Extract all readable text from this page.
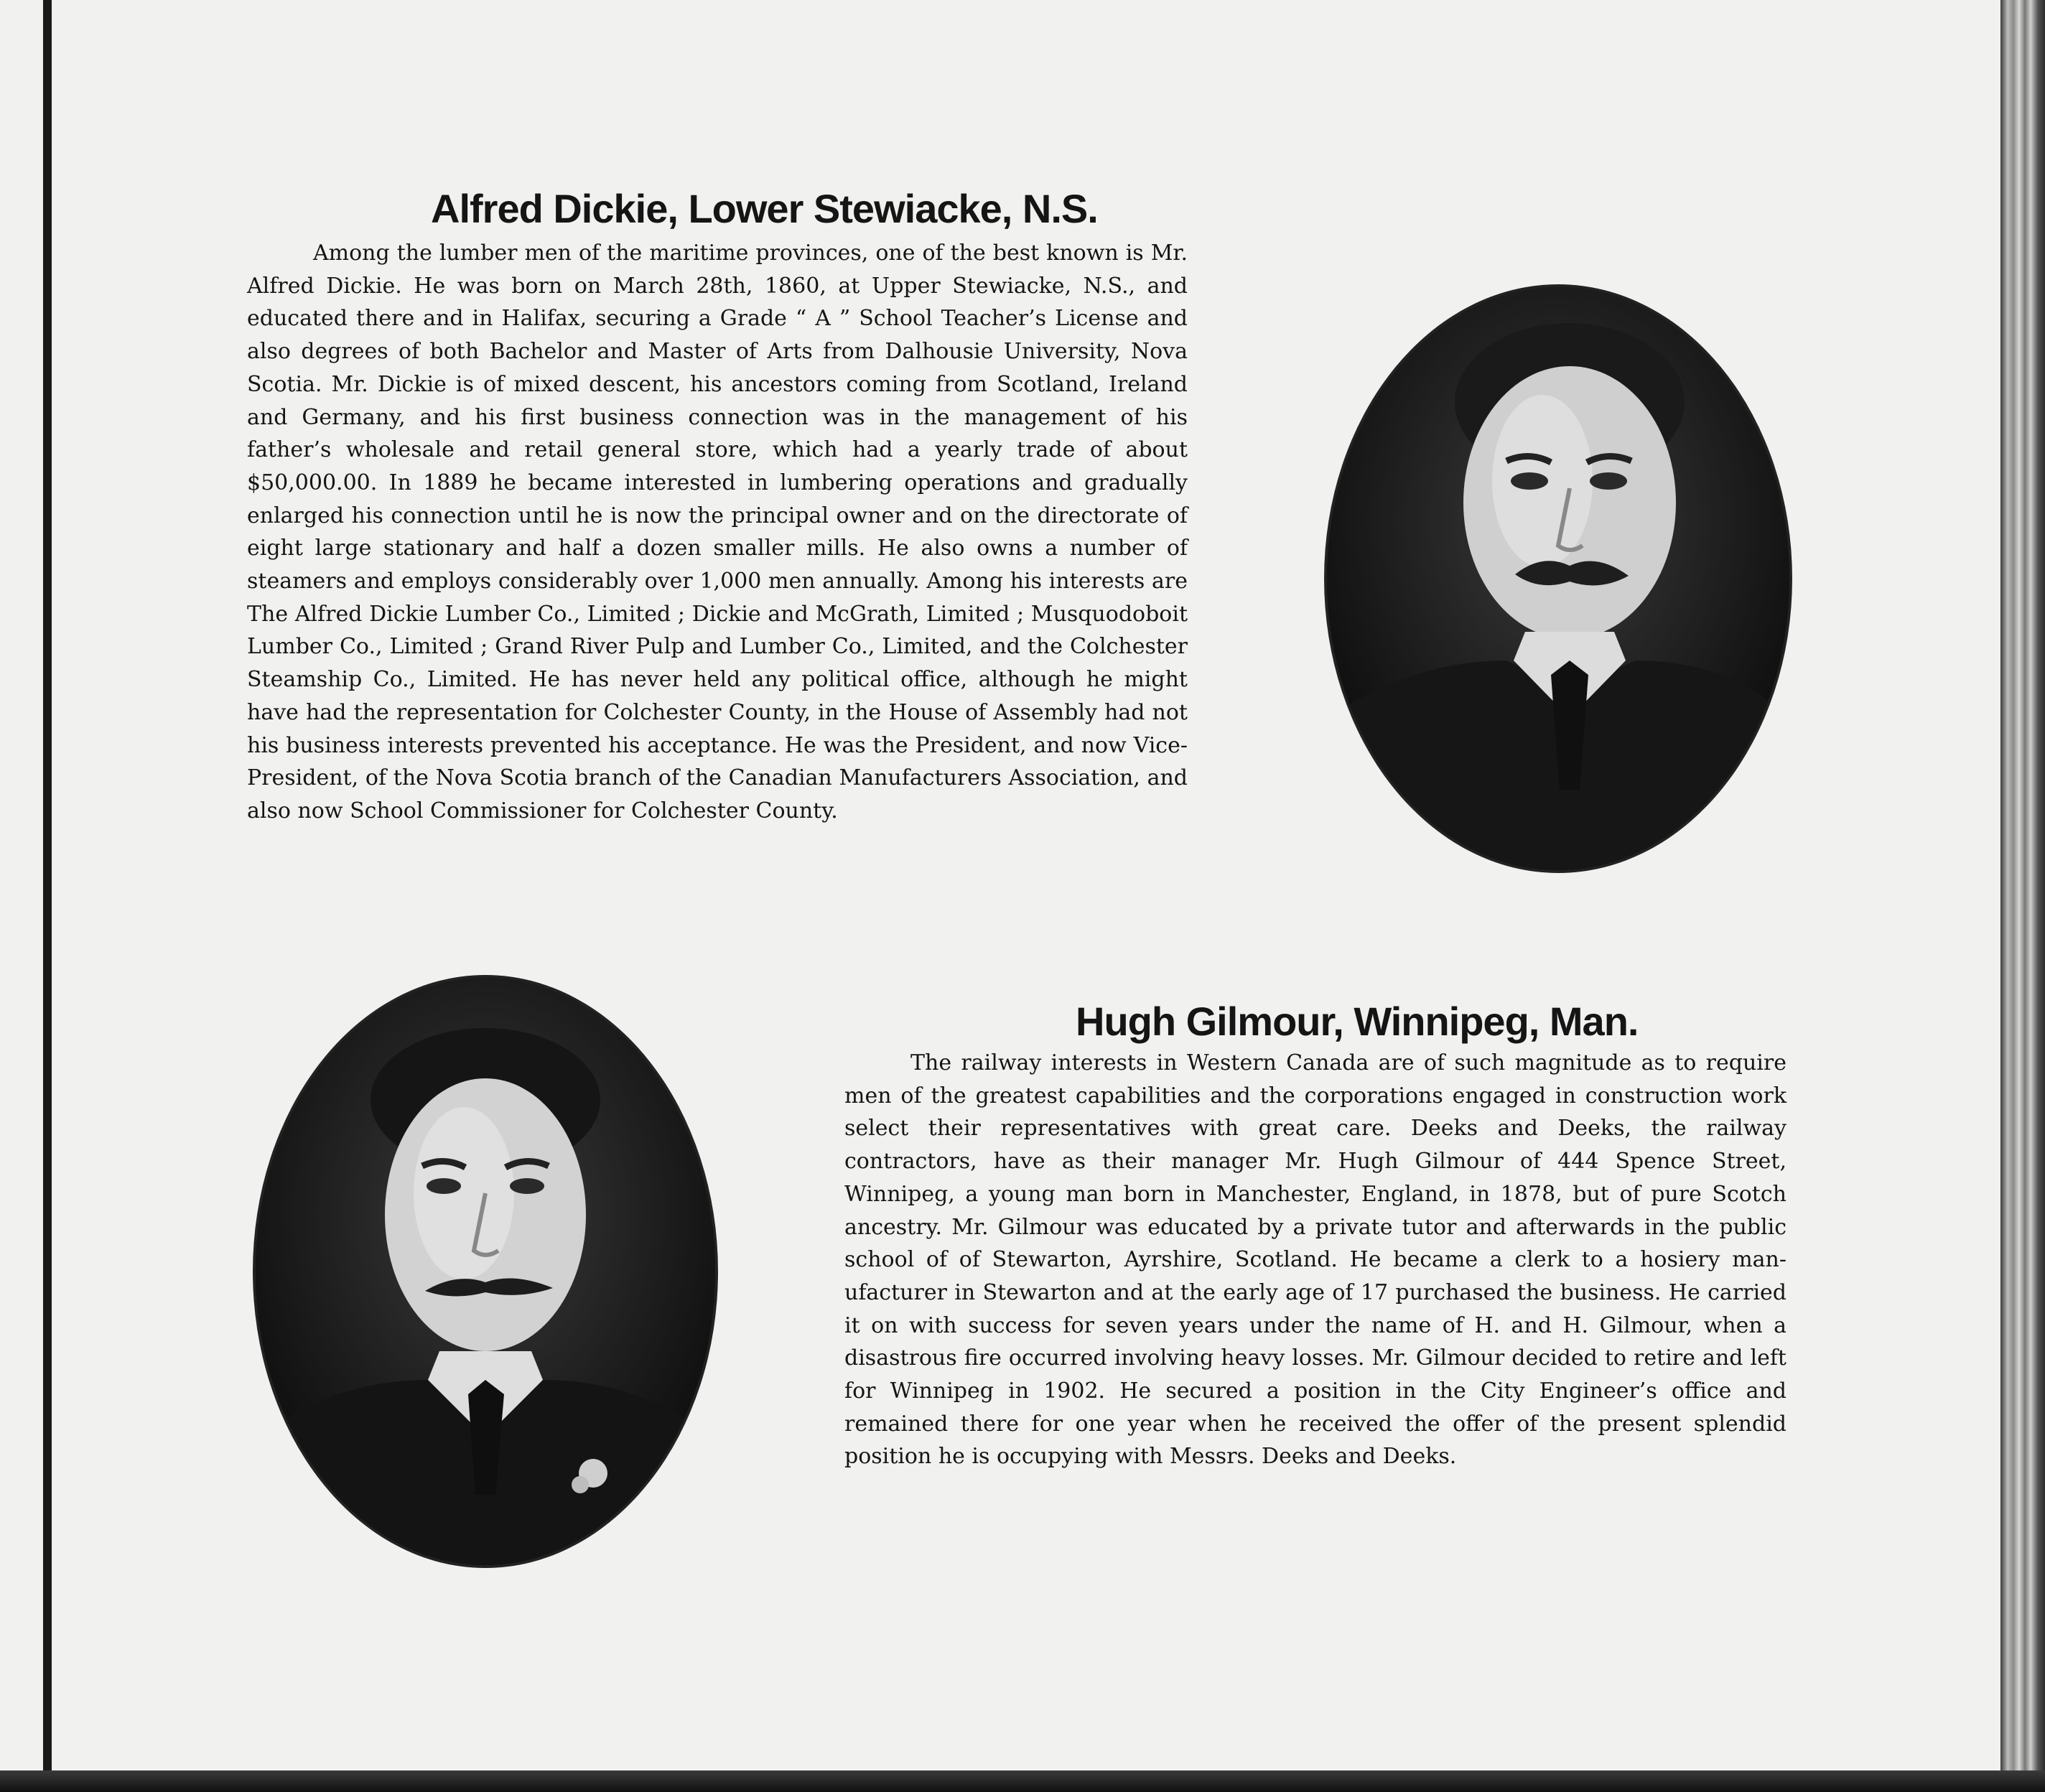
Alfred Dickie, Lower Stewiacke, N.S.

Among the lumber men of the maritime provinces, one of the best known is Mr. Alfred Dickie. He was born on March 28th, 1860, at Upper Stewiacke, N.S., and educated there and in Halifax, securing a Grade “ A ” School Teacher’s License and also degrees of both Bachelor and Master of Arts from Dalhousie University, Nova Scotia. Mr. Dickie is of mixed descent, his ancestors coming from Scotland, Ireland and Germany, and his first business connection was in the management of his father’s wholesale and retail general store, which had a yearly trade of about $50,000.00. In 1889 he became interested in lumbering operations and gradually enlarged his connection until he is now the principal owner and on the directorate of eight large stationary and half a dozen smaller mills. He also owns a number of steamers and employs considerably over 1,000 men annually. Among his interests are The Alfred Dickie Lumber Co., Limited ; Dickie and McGrath, Limited ; Musquodoboit Lumber Co., Limited ; Grand River Pulp and Lumber Co., Limited, and the Colchester Steamship Co., Limited. He has never held any political office, although he might have had the representation for Colchester County, in the House of Assembly had not his business interests prevented his acceptance. He was the President, and now Vice-President, of the Nova Scotia branch of the Canadian Manufacturers Association, and also now School Commissioner for Colchester County.

Hugh Gilmour, Winnipeg, Man.

The railway interests in Western Canada are of such magnitude as to require men of the greatest capabilities and the corporations engaged in construction work select their representatives with great care. Deeks and Deeks, the railway contractors, have as their manager Mr. Hugh Gilmour of 444 Spence Street, Winnipeg, a young man born in Manchester, England, in 1878, but of pure Scotch ancestry. Mr. Gilmour was educated by a private tutor and afterwards in the public school of of Stewarton, Ayrshire, Scotland. He became a clerk to a hosiery manufacturer in Stewarton and at the early age of 17 purchased the business. He carried it on with success for seven years under the name of H. and H. Gilmour, when a disastrous fire occurred involving heavy losses. Mr. Gilmour decided to retire and left for Winnipeg in 1902. He secured a position in the City Engineer’s office and remained there for one year when he received the offer of the present splendid position he is occupying with Messrs. Deeks and Deeks.
